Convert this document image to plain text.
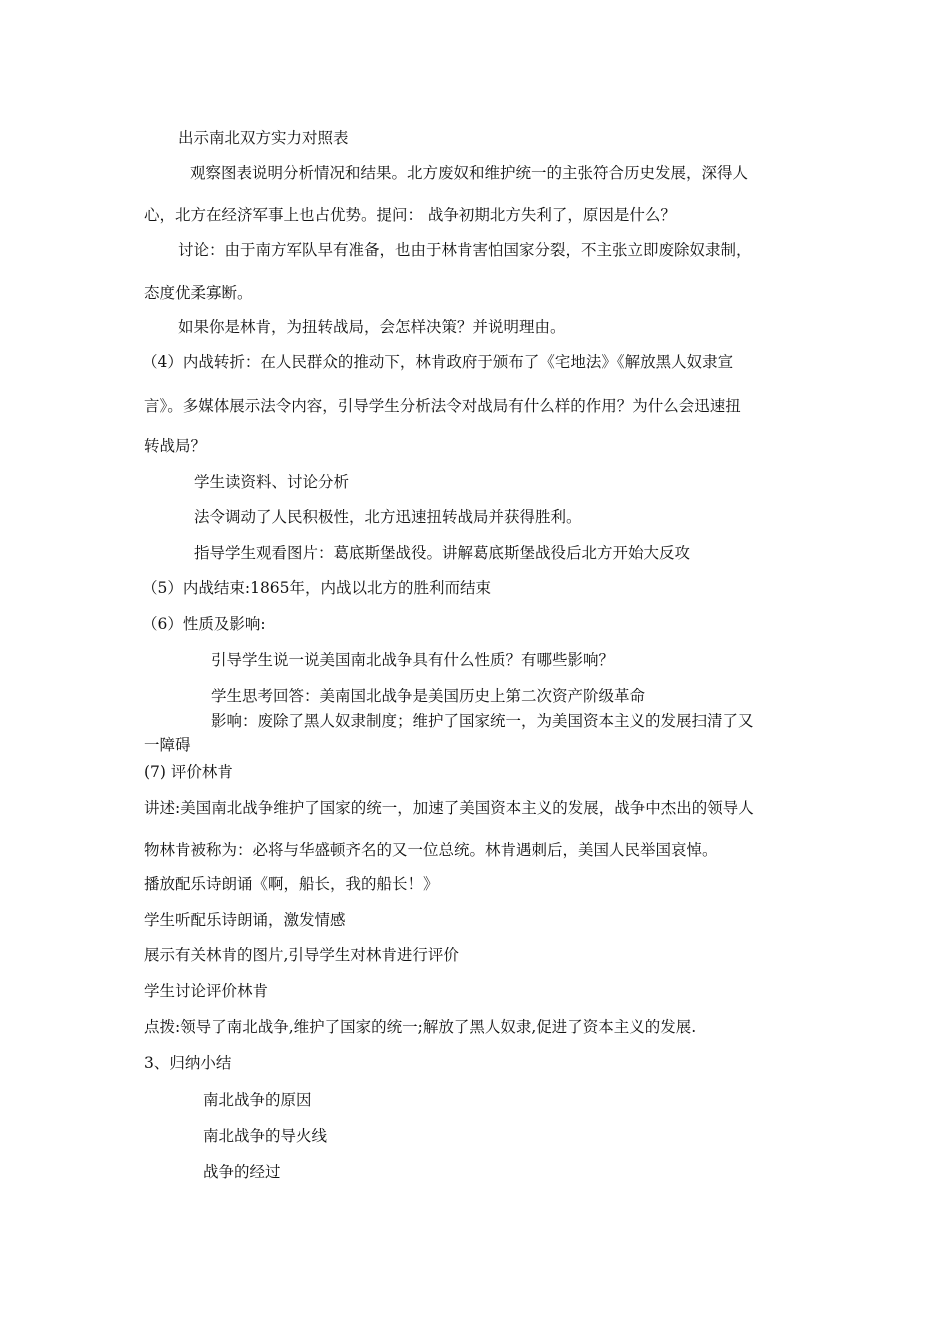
出示南北双方实力对照表
观察图表说明分析情况和结果。北方废奴和维护统一的主张符合历史发展，深得人
心，北方在经济军事上也占优势。提问： 战争初期北方失利了，原因是什么？
讨论：由于南方军队早有准备，也由于林肯害怕国家分裂，不主张立即废除奴隶制，
态度优柔寡断。
如果你是林肯，为扭转战局，会怎样决策？并说明理由。
（4）内战转折：在人民群众的推动下，林肯政府于颁布了《宅地法》《解放黑人奴隶宣
言》。多媒体展示法令内容，引导学生分析法令对战局有什么样的作用？为什么会迅速扭
转战局？
学生读资料、讨论分析
法令调动了人民积极性，北方迅速扭转战局并获得胜利。
指导学生观看图片：葛底斯堡战役。讲解葛底斯堡战役后北方开始大反攻
（5）内战结束:1865年，内战以北方的胜利而结束
（6）性质及影响:
引导学生说一说美国南北战争具有什么性质？有哪些影响？
学生思考回答：美南国北战争是美国历史上第二次资产阶级革命
影响：废除了黑人奴隶制度；维护了国家统一，为美国资本主义的发展扫清了又
一障碍
(7) 评价林肯
讲述:美国南北战争维护了国家的统一，加速了美国资本主义的发展，战争中杰出的领导人
物林肯被称为：必将与华盛顿齐名的又一位总统。林肯遇刺后，美国人民举国哀悼。
播放配乐诗朗诵《啊，船长，我的船长！》
学生听配乐诗朗诵，激发情感
展示有关林肯的图片,引导学生对林肯进行评价
学生讨论评价林肯
点拨:领导了南北战争,维护了国家的统一;解放了黑人奴隶,促进了资本主义的发展.
3、归纳小结
南北战争的原因
南北战争的导火线
战争的经过
